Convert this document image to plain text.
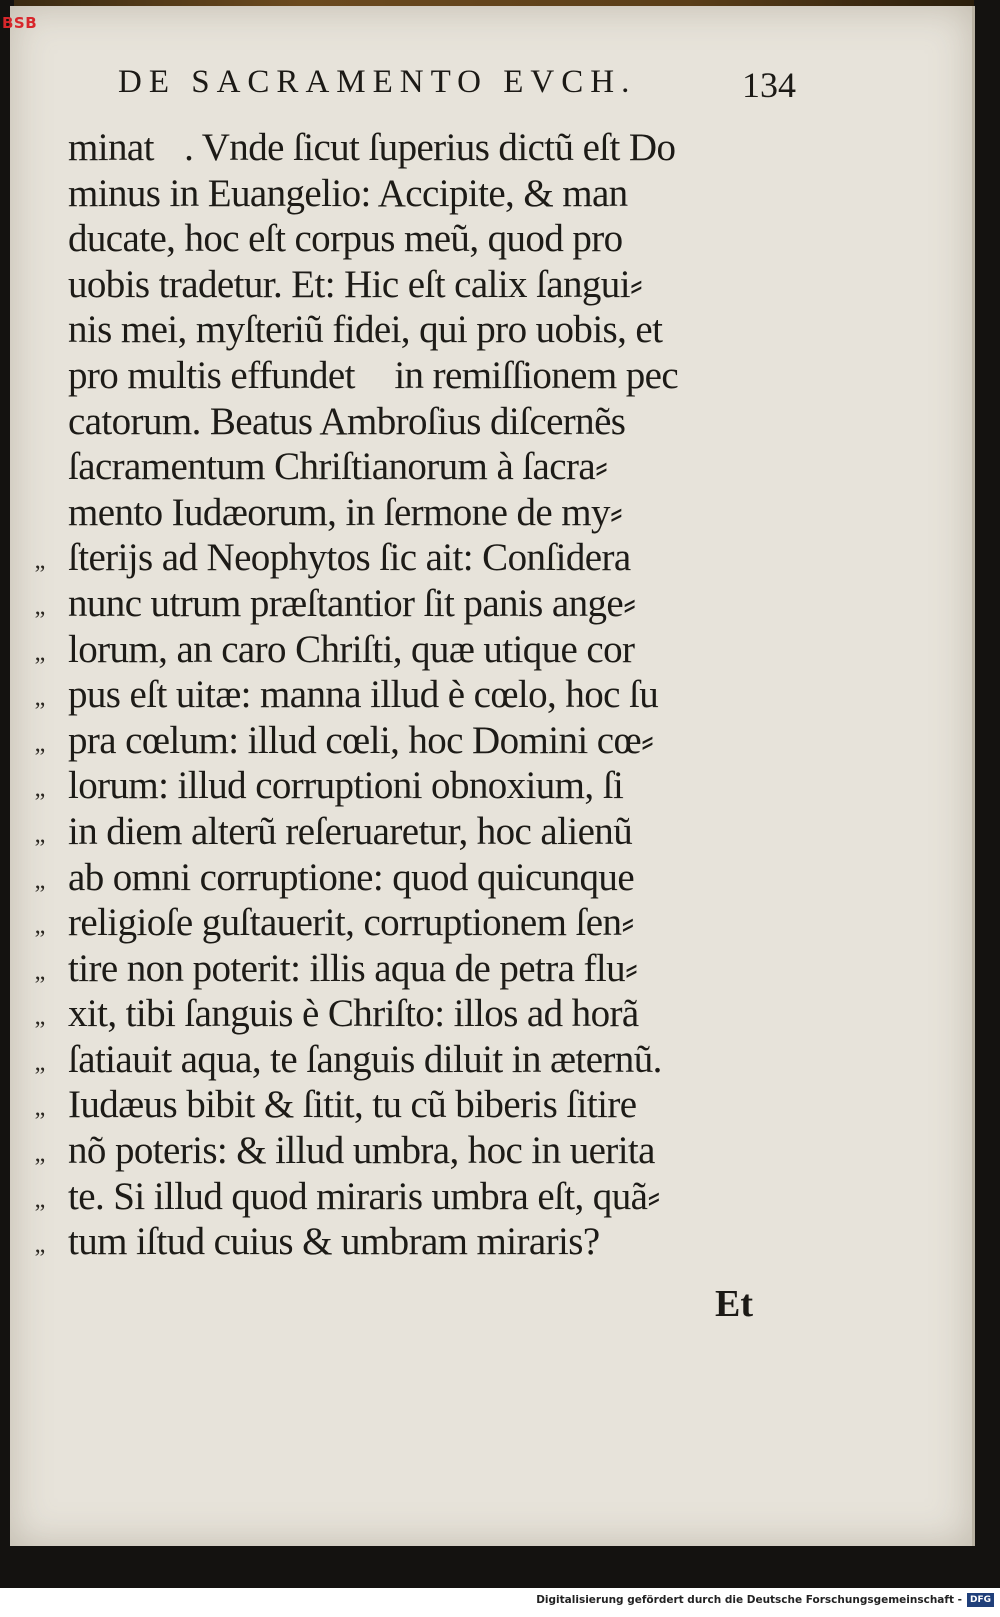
BSB
DE SACRAMENTO EVCH.	134
„
„
„
„
„
„
„
„
„
„
„
„
„
„
„
„
minatᷣ. Vnde ſicut ſuperius dictũ eſt Do
minus in Euangelio: Accipite, & man
ducate, hoc eſt corpus meũ, quod pro
uobis tradetur. Et: Hic eſt calix ſangui⸗
nis mei, myſteriũ fidei, qui pro uobis, et
pro multis effundetᷣ in remiſſionem pec
catorum. Beatus Ambroſius diſcernẽs
ſacramentum Chriſtianorum à ſacra⸗
mento Iudæorum, in ſermone de my⸗
ſterijs ad Neophytos ſic ait: Conſidera
nunc utrum præſtantior ſit panis ange⸗
lorum, an caro Chriſti, quæ utique cor
pus eſt uitæ: manna illud è cœlo, hoc ſu
pra cœlum: illud cœli, hoc Domini cœ⸗
lorum: illud corruptioni obnoxium, ſi
in diem alterũ reſeruaretur, hoc alienũ
ab omni corruptione: quod quicunque
religioſe guſtauerit, corruptionem ſen⸗
tire non poterit: illis aqua de petra flu⸗
xit, tibi ſanguis è Chriſto: illos ad horã
ſatiauit aqua, te ſanguis diluit in æternũ.
Iudæus bibit & ſitit, tu cũ biberis ſitire
nõ poteris: & illud umbra, hoc in uerita
te. Si illud quod miraris umbra eſt, quã⸗
tum iſtud cuius & umbram miraris?
Et
Digitalisierung gefördert durch die Deutsche Forschungsgemeinschaft - DFG
